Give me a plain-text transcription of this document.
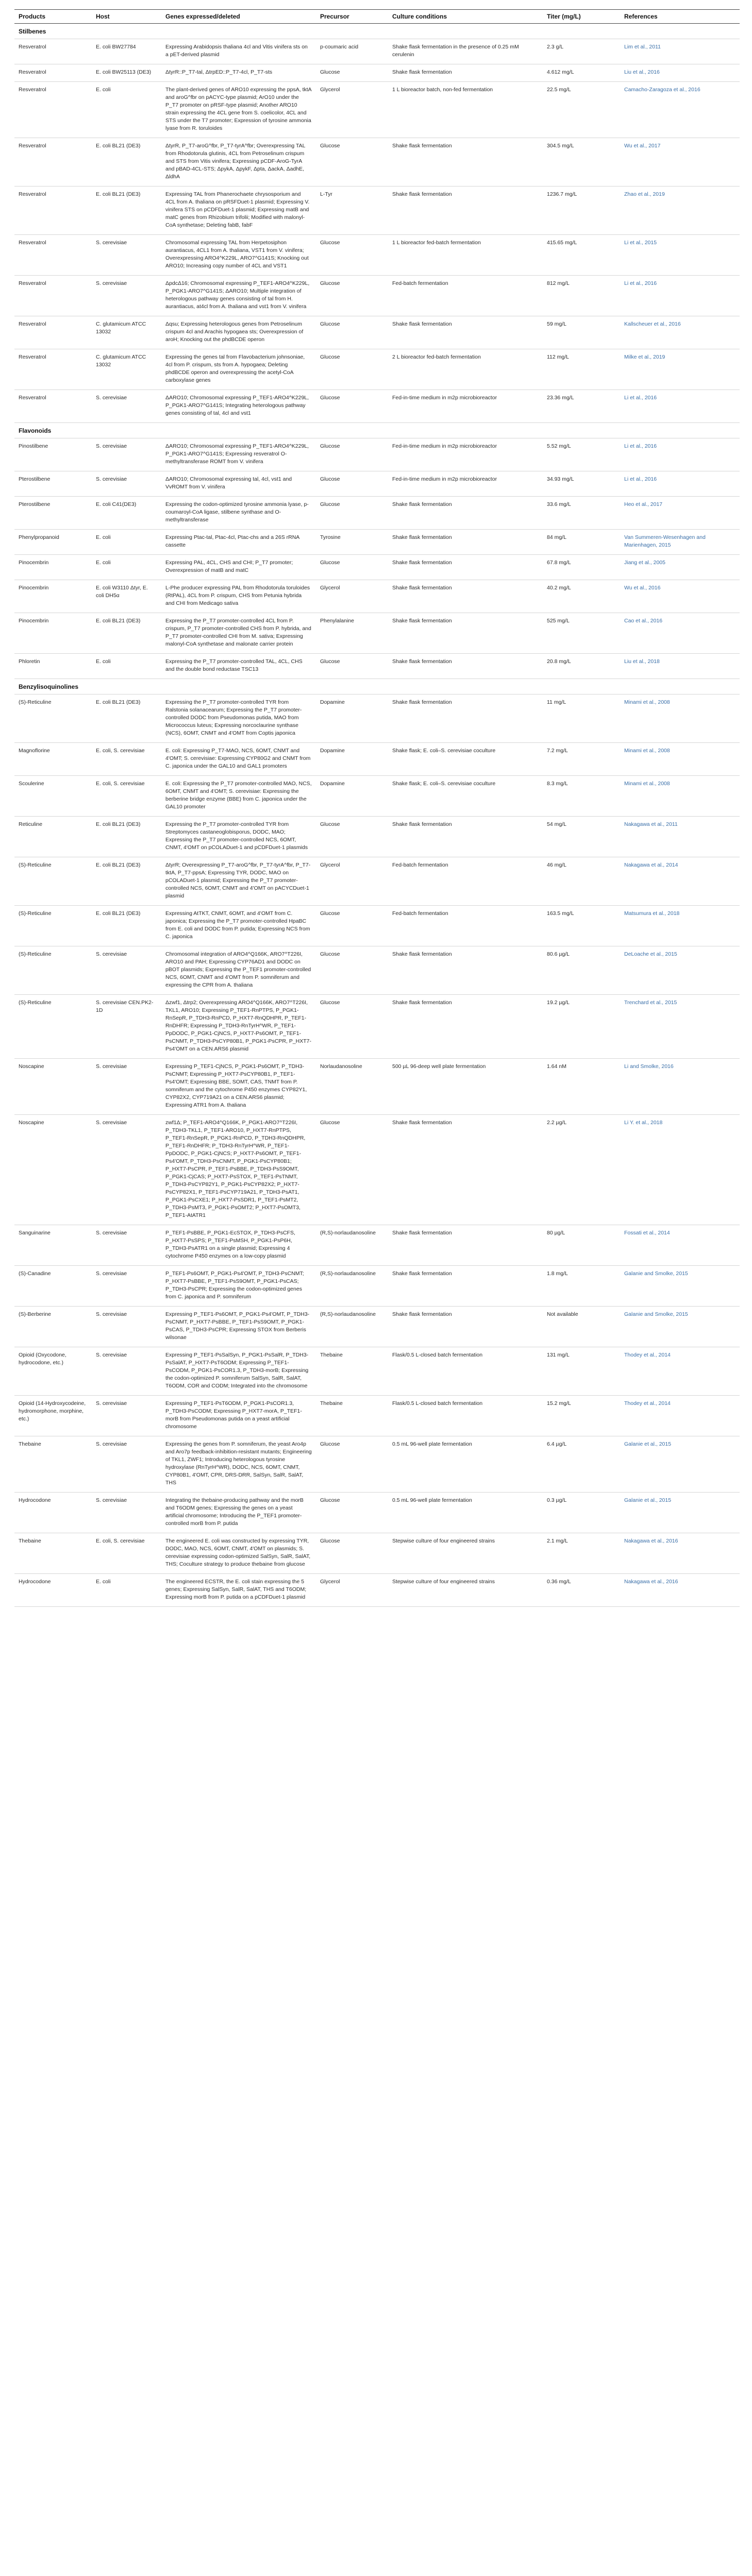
Products	Host	Genes expressed/deleted	Precursor	Culture conditions	Titer (mg/L)	References
Stilbenes						
Resveratrol	E. coli BW27784	Expressing Arabidopsis thaliana 4cl and Vitis vinifera sts on a pET-derived plasmid	p-coumaric acid	Shake flask fermentation in the presence of 0.25 mM cerulenin	2.3 g/L	Lim et al., 2011
Resveratrol	E. coli BW25113 (DE3)	ΔtyrR::P_T7-tal, ΔtrpED::P_T7-4cl, P_T7-sts	Glucose	Shake flask fermentation	4.612 mg/L	Liu et al., 2016
Resveratrol	E. coli	The plant-derived genes of ARO10 expressing the ppsA, tktA and aroG^fbr on pACYC-type plasmid; ArO10 under the P_T7 promoter on pRSF-type plasmid; Another ARO10 strain expressing the 4CL gene from S. coelicolor, 4CL and STS under the T7 promoter; Expression of tyrosine ammonia lyase from R. toruloides	Glycerol	1 L bioreactor batch, non-fed fermentation	22.5 mg/L	Camacho-Zaragoza et al., 2016
Resveratrol	E. coli BL21 (DE3)	ΔtyrR, P_T7-aroG^fbr, P_T7-tyrA^fbr; Overexpressing TAL from Rhodotorula glutinis, 4CL from Petroselinum crispum and STS from Vitis vinifera; Expressing pCDF-AroG-TyrA and pBAD-4CL-STS; ΔpykA, ΔpykF, Δpta, ΔackA, ΔadhE, ΔldhA	Glucose	Shake flask fermentation	304.5 mg/L	Wu et al., 2017
Resveratrol	E. coli BL21 (DE3)	Expressing TAL from Phanerochaete chrysosporium and 4CL from A. thaliana on pRSFDuet-1 plasmid; Expressing V. vinifera STS on pCDFDuet-1 plasmid; Expressing matB and matC genes from Rhizobium trifolii; Modified with malonyl-CoA synthetase; Deleting fabB, fabF	L-Tyr	Shake flask fermentation	1236.7 mg/L	Zhao et al., 2019
Resveratrol	S. cerevisiae	Chromosomal expressing TAL from Herpetosiphon aurantiacus, 4CL1 from A. thaliana, VST1 from V. vinifera; Overexpressing ARO4^K229L, ARO7^G141S; Knocking out ARO10; Increasing copy number of 4CL and VST1	Glucose	1 L bioreactor fed-batch fermentation	415.65 mg/L	Li et al., 2015
Resveratrol	S. cerevisiae	ΔpdcΔ16; Chromosomal expressing P_TEF1-ARO4^K229L, P_PGK1-ARO7^G141S; ΔARO10; Multiple integration of heterologous pathway genes consisting of tal from H. aurantiacus, at4cl from A. thaliana and vst1 from V. vinifera	Glucose	Fed-batch fermentation	812 mg/L	Li et al., 2016
Resveratrol	C. glutamicum ATCC 13032	Δqsu; Expressing heterologous genes from Petroselinum crispum 4cl and Arachis hypogaea sts; Overexpression of aroH; Knocking out the phdBCDE operon	Glucose	Shake flask fermentation	59 mg/L	Kallscheuer et al., 2016
Resveratrol	C. glutamicum ATCC 13032	Expressing the genes tal from Flavobacterium johnsoniae, 4cl from P. crispum, sts from A. hypogaea; Deleting phdBCDE operon and overexpressing the acetyl-CoA carboxylase genes	Glucose	2 L bioreactor fed-batch fermentation	112 mg/L	Milke et al., 2019
Resveratrol	S. cerevisiae	ΔARO10; Chromosomal expressing P_TEF1-ARO4^K229L, P_PGK1-ARO7^G141S; Integrating heterologous pathway genes consisting of tal, 4cl and vst1	Glucose	Fed-in-time medium in m2p microbioreactor	23.36 mg/L	Li et al., 2016
Flavonoids						
Pinostilbene	S. cerevisiae	ΔARO10; Chromosomal expressing P_TEF1-ARO4^K229L, P_PGK1-ARO7^G141S; Expressing resveratrol O-methyltransferase ROMT from V. vinifera	Glucose	Fed-in-time medium in m2p microbioreactor	5.52 mg/L	Li et al., 2016
Pterostilbene	S. cerevisiae	ΔARO10; Chromosomal expressing tal, 4cl, vst1 and VvROMT from V. vinifera	Glucose	Fed-in-time medium in m2p microbioreactor	34.93 mg/L	Li et al., 2016
Pterostilbene	E. coli C41(DE3)	Expressing the codon-optimized tyrosine ammonia lyase, p-coumaroyl-CoA ligase, stilbene synthase and O-methyltransferase	Glucose	Shake flask fermentation	33.6 mg/L	Heo et al., 2017
Phenylpropanoid	E. coli	Expressing Ptac-tal, Ptac-4cl, Ptac-chs and a 26S rRNA cassette	Tyrosine	Shake flask fermentation	84 mg/L	Van Summeren-Wesenhagen and Marienhagen, 2015
Pinocembrin	E. coli	Expressing PAL, 4CL, CHS and CHI; P_T7 promoter; Overexpression of matB and matC	Glucose	Shake flask fermentation	67.8 mg/L	Jiang et al., 2005
Pinocembrin	E. coli W3110 Δtyr, E. coli DH5α	L-Phe producer expressing PAL from Rhodotorula toruloides (RtPAL), 4CL from P. crispum, CHS from Petunia hybrida and CHI from Medicago sativa	Glycerol	Shake flask fermentation	40.2 mg/L	Wu et al., 2016
Pinocembrin	E. coli BL21 (DE3)	Expressing the P_T7 promoter-controlled 4CL from P. crispum, P_T7 promoter-controlled CHS from P. hybrida, and P_T7 promoter-controlled CHI from M. sativa; Expressing malonyl-CoA synthetase and malonate carrier protein	Phenylalanine	Shake flask fermentation	525 mg/L	Cao et al., 2016
Phloretin	E. coli	Expressing the P_T7 promoter-controlled TAL, 4CL, CHS and the double bond reductase TSC13	Glucose	Shake flask fermentation	20.8 mg/L	Liu et al., 2018
Benzylisoquinolines						
(S)-Reticuline	E. coli BL21 (DE3)	Expressing the P_T7 promoter-controlled TYR from Ralstonia solanacearum; Expressing the P_T7 promoter-controlled DODC from Pseudomonas putida, MAO from Micrococcus luteus; Expressing norcoclaurine synthase (NCS), 6OMT, CNMT and 4'OMT from Coptis japonica	Dopamine	Shake flask fermentation	11 mg/L	Minami et al., 2008
Magnoflorine	E. coli, S. cerevisiae	E. coli: Expressing P_T7-MAO, NCS, 6OMT, CNMT and 4'OMT; S. cerevisiae: Expressing CYP80G2 and CNMT from C. japonica under the GAL10 and GAL1 promoters	Dopamine	Shake flask; E. coli–S. cerevisiae coculture	7.2 mg/L	Minami et al., 2008
Scoulerine	E. coli, S. cerevisiae	E. coli: Expressing the P_T7 promoter-controlled MAO, NCS, 6OMT, CNMT and 4'OMT; S. cerevisiae: Expressing the berberine bridge enzyme (BBE) from C. japonica under the GAL10 promoter	Dopamine	Shake flask; E. coli–S. cerevisiae coculture	8.3 mg/L	Minami et al., 2008
Reticuline	E. coli BL21 (DE3)	Expressing the P_T7 promoter-controlled TYR from Streptomyces castaneoglobisporus, DODC, MAO; Expressing the P_T7 promoter-controlled NCS, 6OMT, CNMT, 4'OMT on pCOLADuet-1 and pCDFDuet-1 plasmids	Glucose	Shake flask fermentation	54 mg/L	Nakagawa et al., 2011
(S)-Reticuline	E. coli BL21 (DE3)	ΔtyrR; Overexpressing P_T7-aroG^fbr, P_T7-tyrA^fbr, P_T7-tktA, P_T7-ppsA; Expressing TYR, DODC, MAO on pCOLADuet-1 plasmid; Expressing the P_T7 promoter-controlled NCS, 6OMT, CNMT and 4'OMT on pACYCDuet-1 plasmid	Glycerol	Fed-batch fermentation	46 mg/L	Nakagawa et al., 2014
(S)-Reticuline	E. coli BL21 (DE3)	Expressing AtTKT, CNMT, 6OMT, and 4'OMT from C. japonica; Expressing the P_T7 promoter-controlled HpaBC from E. coli and DODC from P. putida; Expressing NCS from C. japonica	Glucose	Fed-batch fermentation	163.5 mg/L	Matsumura et al., 2018
(S)-Reticuline	S. cerevisiae	Chromosomal integration of ARO4^Q166K, ARO7^T226I, ARO10 and PAH; Expressing CYP76AD1 and DODC on pBOT plasmids; Expressing the P_TEF1 promoter-controlled NCS, 6OMT, CNMT and 4'OMT from P. somniferum and expressing the CPR from A. thaliana	Glucose	Shake flask fermentation	80.6 µg/L	DeLoache et al., 2015
(S)-Reticuline	S. cerevisiae CEN.PK2-1D	Δzwf1, Δtrp2; Overexpressing ARO4^Q166K, ARO7^T226I, TKL1, ARO10; Expressing P_TEF1-RnPTPS, P_PGK1-RnSepR, P_TDH3-RnPCD, P_HXT7-RnQDHPR, P_TEF1-RnDHFR; Expressing P_TDH3-RnTyrH^WR, P_TEF1-PpDODC, P_PGK1-CjNCS, P_HXT7-Ps6OMT, P_TEF1-PsCNMT, P_TDH3-PsCYP80B1, P_PGK1-PsCPR, P_HXT7-Ps4'OMT on a CEN.ARS6 plasmid	Glucose	Shake flask fermentation	19.2 µg/L	Trenchard et al., 2015
Noscapine	S. cerevisiae	Expressing P_TEF1-CjNCS, P_PGK1-Ps6OMT, P_TDH3-PsCNMT; Expressing P_HXT7-PsCYP80B1, P_TEF1-Ps4'OMT; Expressing BBE, SOMT, CAS, TNMT from P. somniferum and the cytochrome P450 enzymes CYP82Y1, CYP82X2, CYP719A21 on a CEN.ARS6 plasmid; Expressing ATR1 from A. thaliana	Norlaudanosoline	500 µL 96-deep well plate fermentation	1.64 nM	Li and Smolke, 2016
Noscapine	S. cerevisiae	zwf1Δ; P_TEF1-ARO4^Q166K, P_PGK1-ARO7^T226I, P_TDH3-TKL1, P_TEF1-ARO10, P_HXT7-RnPTPS, P_TEF1-RnSepR, P_PGK1-RnPCD, P_TDH3-RnQDHPR, P_TEF1-RnDHFR; P_TDH3-RnTyrH^WR, P_TEF1-PpDODC, P_PGK1-CjNCS; P_HXT7-Ps6OMT, P_TEF1-Ps4'OMT, P_TDH3-PsCNMT, P_PGK1-PsCYP80B1; P_HXT7-PsCPR, P_TEF1-PsBBE, P_TDH3-PsS9OMT, P_PGK1-CjCAS; P_HXT7-PsSTOX, P_TEF1-PsTNMT, P_TDH3-PsCYP82Y1, P_PGK1-PsCYP82X2; P_HXT7-PsCYP82X1, P_TEF1-PsCYP719A21, P_TDH3-PsAT1, P_PGK1-PsCXE1; P_HXT7-PsSDR1, P_TEF1-PsMT2, P_TDH3-PsMT3, P_PGK1-PsOMT2; P_HXT7-PsOMT3, P_TEF1-AtATR1	Glucose	Shake flask fermentation	2.2 µg/L	Li Y. et al., 2018
Sanguinarine	S. cerevisiae	P_TEF1-PsBBE, P_PGK1-EcSTOX, P_TDH3-PsCFS, P_HXT7-PsSPS; P_TEF1-PsMSH, P_PGK1-PsP6H, P_TDH3-PsATR1 on a single plasmid; Expressing 4 cytochrome P450 enzymes on a low-copy plasmid	(R,S)-norlaudanosoline	Shake flask fermentation	80 µg/L	Fossati et al., 2014
(S)-Canadine	S. cerevisiae	P_TEF1-Ps6OMT, P_PGK1-Ps4'OMT, P_TDH3-PsCNMT; P_HXT7-PsBBE, P_TEF1-PsS9OMT, P_PGK1-PsCAS; P_TDH3-PsCPR; Expressing the codon-optimized genes from C. japonica and P. somniferum	(R,S)-norlaudanosoline	Shake flask fermentation	1.8 mg/L	Galanie and Smolke, 2015
(S)-Berberine	S. cerevisiae	Expressing P_TEF1-Ps6OMT, P_PGK1-Ps4'OMT, P_TDH3-PsCNMT, P_HXT7-PsBBE, P_TEF1-PsS9OMT, P_PGK1-PsCAS, P_TDH3-PsCPR; Expressing STOX from Berberis wilsonae	(R,S)-norlaudanosoline	Shake flask fermentation	Not available	Galanie and Smolke, 2015
Opioid (Oxycodone, hydrocodone, etc.)	S. cerevisiae	Expressing P_TEF1-PsSalSyn, P_PGK1-PsSalR, P_TDH3-PsSalAT, P_HXT7-PsT6ODM; Expressing P_TEF1-PsCODM, P_PGK1-PsCOR1.3, P_TDH3-morB; Expressing the codon-optimized P. somniferum SalSyn, SalR, SalAT, T6ODM, COR and CODM; Integrated into the chromosome	Thebaine	Flask/0.5 L-closed batch fermentation	131 mg/L	Thodey et al., 2014
Opioid (14-Hydroxycodeine, hydromorphone, morphine, etc.)	S. cerevisiae	Expressing P_TEF1-PsT6ODM, P_PGK1-PsCOR1.3, P_TDH3-PsCODM; Expressing P_HXT7-morA, P_TEF1-morB from Pseudomonas putida on a yeast artificial chromosome	Thebaine	Flask/0.5 L-closed batch fermentation	15.2 mg/L	Thodey et al., 2014
Thebaine	S. cerevisiae	Expressing the genes from P. somniferum, the yeast Aro4p and Aro7p feedback-inhibition-resistant mutants; Engineering of TKL1, ZWF1; Introducing heterologous tyrosine hydroxylase (RnTyrH^WR), DODC, NCS, 6OMT, CNMT, CYP80B1, 4'OMT, CPR, DRS-DRR, SalSyn, SalR, SalAT, THS	Glucose	0.5 mL 96-well plate fermentation	6.4 µg/L	Galanie et al., 2015
Hydrocodone	S. cerevisiae	Integrating the thebaine-producing pathway and the morB and T6ODM genes; Expressing the genes on a yeast artificial chromosome; Introducing the P_TEF1 promoter-controlled morB from P. putida	Glucose	0.5 mL 96-well plate fermentation	0.3 µg/L	Galanie et al., 2015
Thebaine	E. coli, S. cerevisiae	The engineered E. coli was constructed by expressing TYR, DODC, MAO, NCS, 6OMT, CNMT, 4'OMT on plasmids; S. cerevisiae expressing codon-optimized SalSyn, SalR, SalAT, THS; Coculture strategy to produce thebaine from glucose	Glucose	Stepwise culture of four engineered strains	2.1 mg/L	Nakagawa et al., 2016
Hydrocodone	E. coli	The engineered ECSTR, the E. coli stain expressing the 5 genes; Expressing SalSyn, SalR, SalAT, THS and T6ODM; Expressing morB from P. putida on a pCDFDuet-1 plasmid	Glycerol	Stepwise culture of four engineered strains	0.36 mg/L	Nakagawa et al., 2016
